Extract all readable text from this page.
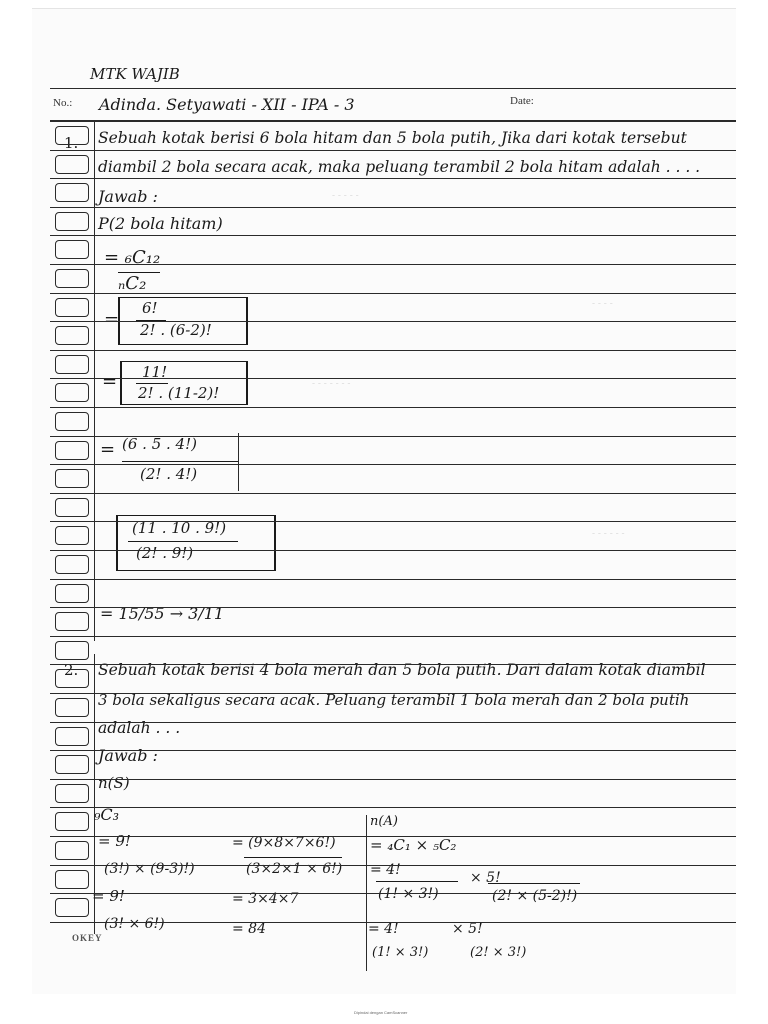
MTK WAJIB
No.: Adinda. Setyawati - XII - IPA - 3	Date:
1. Sebuah kotak berisi 6 bola hitam dan 5 bola putih, Jika dari kotak tersebut
diambil 2 bola secara acak, maka peluang terambil 2 bola hitam adalah . . . .
Jawab :
P(2 bola hitam)
= ₆C₁₂
ₙC₂
=
6!
2! . (6-2)!
= 11!
2! . (11-2)!
= (6 . 5 . 4!)
(2! . 4!)
(11 . 10 . 9!)
(2! . 9!)
= 15/55 → 3/11
2. Sebuah kotak berisi 4 bola merah dan 5 bola putih. Dari dalam kotak diambil
3 bola sekaligus secara acak. Peluang terambil 1 bola merah dan 2 bola putih
adalah . . .
Jawab :
n(S)
₉C₃
= 9!
(3!) × (9-3)!)
= 9!
(3! × 6!)
= (9×8×7×6!)
(3×2×1 × 6!)
= 3×4×7
= 84
n(A)
= ₄C₁ × ₅C₂
= 4!
(1! × 3!)
× 5!
(2! × (5-2)!)
= 4!
(1! × 3!)
× 5!
(2! × 3!)
OKEY
- - - - -
- - - -
- - - - - - -
- - - - - -
Dipindai dengan CamScanner
